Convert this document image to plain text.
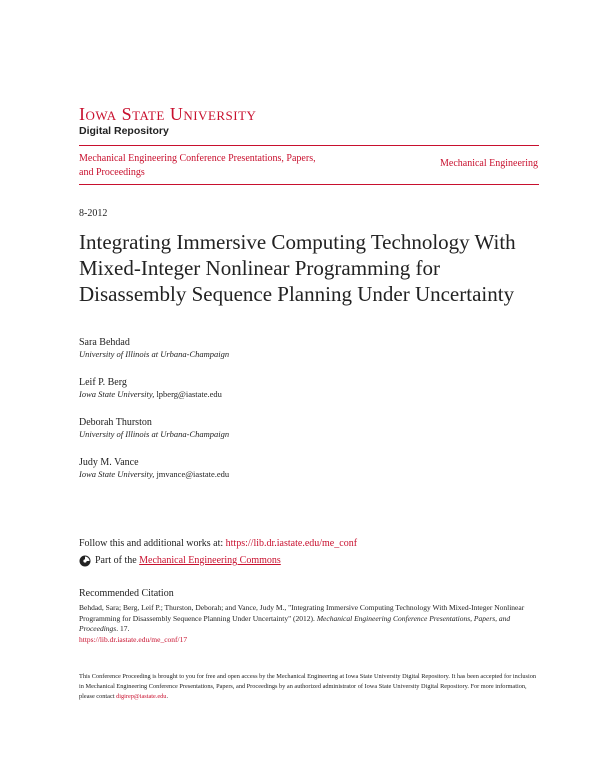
Iowa State University
Digital Repository
Mechanical Engineering Conference Presentations, Papers, and Proceedings
Mechanical Engineering
8-2012
Integrating Immersive Computing Technology With Mixed-Integer Nonlinear Programming for Disassembly Sequence Planning Under Uncertainty
Sara Behdad
University of Illinois at Urbana-Champaign
Leif P. Berg
Iowa State University, lpberg@iastate.edu
Deborah Thurston
University of Illinois at Urbana-Champaign
Judy M. Vance
Iowa State University, jmvance@iastate.edu
Follow this and additional works at: https://lib.dr.iastate.edu/me_conf
Part of the
Mechanical Engineering Commons
Recommended Citation
Behdad, Sara; Berg, Leif P.; Thurston, Deborah; and Vance, Judy M., "Integrating Immersive Computing Technology With Mixed-Integer Nonlinear Programming for Disassembly Sequence Planning Under Uncertainty" (2012). Mechanical Engineering Conference Presentations, Papers, and Proceedings. 17.
https://lib.dr.iastate.edu/me_conf/17
This Conference Proceeding is brought to you for free and open access by the Mechanical Engineering at Iowa State University Digital Repository. It has been accepted for inclusion in Mechanical Engineering Conference Presentations, Papers, and Proceedings by an authorized administrator of Iowa State University Digital Repository. For more information, please contact digirep@iastate.edu.
